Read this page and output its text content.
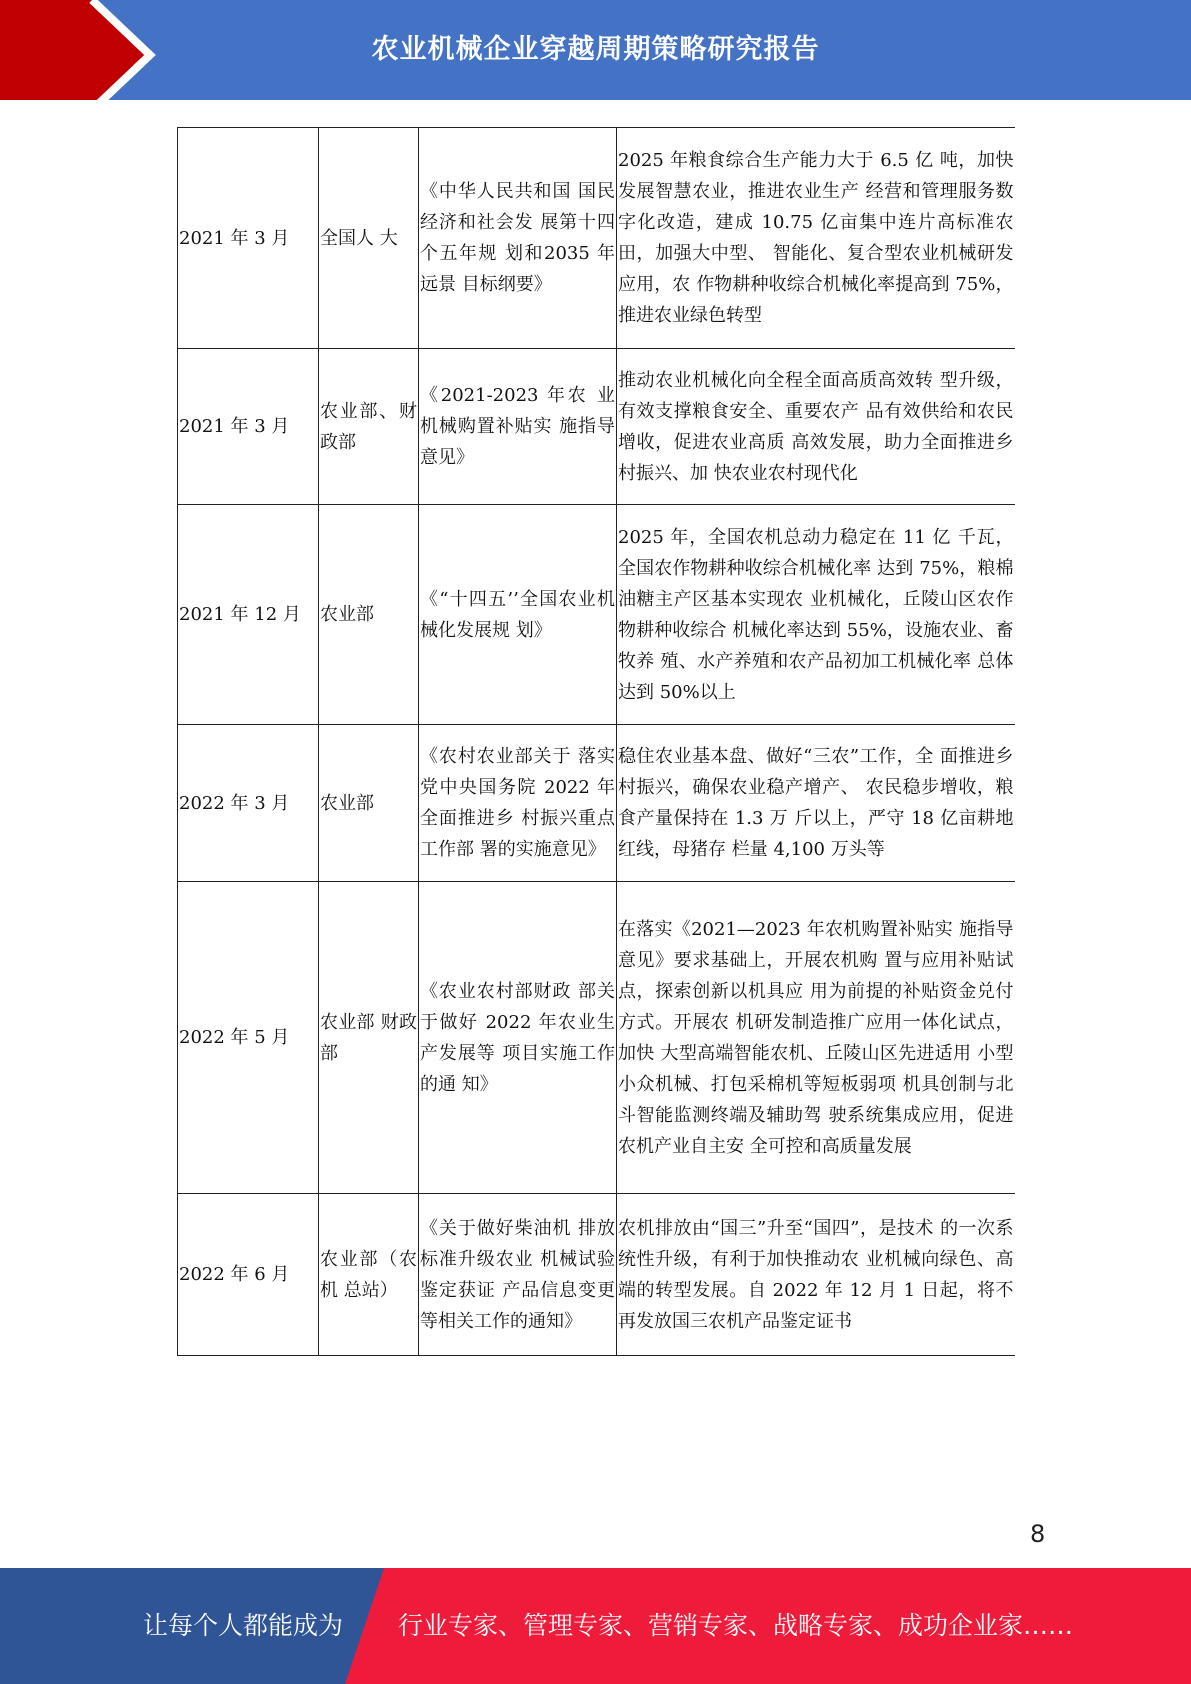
农业机械企业穿越周期策略研究报告
2021 年 3 月	全国人 大	《中华人民共和国 国民经济和社会发 展第十四个五年规 划和2035 年远景 目标纲要》	2025 年粮食综合生产能力大于 6.5 亿 吨，加快发展智慧农业，推进农业生产 经营和管理服务数字化改造，建成 10.75 亿亩集中连片高标准农田，加强大中型、 智能化、复合型农业机械研发应用，农 作物耕种收综合机械化率提高到 75%， 推进农业绿色转型
2021 年 3 月	农业部、财政部	《2021-2023 年农 业机械购置补贴实 施指导意见》	推动农业机械化向全程全面高质高效转 型升级，有效支撑粮食安全、重要农产 品有效供给和农民增收，促进农业高质 高效发展，助力全面推进乡村振兴、加 快农业农村现代化
2021 年 12 月	农业部	《“十四五’’全国农业机械化发展规 划》	2025 年，全国农机总动力稳定在 11 亿 千瓦，全国农作物耕种收综合机械化率 达到 75%，粮棉油糖主产区基本实现农 业机械化，丘陵山区农作物耕种收综合 机械化率达到 55%，设施农业、畜牧养 殖、水产养殖和农产品初加工机械化率 总体达到 50%以上
2022 年 3 月	农业部	《农村农业部关于 落实党中央国务院 2022 年全面推进乡 村振兴重点工作部 署的实施意见》	稳住农业基本盘、做好“三农”工作，全 面推进乡村振兴，确保农业稳产增产、 农民稳步增收，粮食产量保持在 1.3 万 斤以上，严守 18 亿亩耕地红线，母猪存 栏量 4,100 万头等
2022 年 5 月	农业部 财政部	《农业农村部财政 部关于做好 2022 年农业生产发展等 项目实施工作的通 知》	在落实《2021—2023 年农机购置补贴实 施指导意见》要求基础上，开展农机购 置与应用补贴试点，探索创新以机具应 用为前提的补贴资金兑付方式。开展农 机研发制造推广应用一体化试点，加快 大型高端智能农机、丘陵山区先进适用 小型小众机械、打包采棉机等短板弱项 机具创制与北斗智能监测终端及辅助驾 驶系统集成应用，促进农机产业自主安 全可控和高质量发展
2022 年 6 月	农业部（农机 总站）	《关于做好柴油机 排放标准升级农业 机械试验鉴定获证 产品信息变更等相关工作的通知》	农机排放由“国三”升至“国四”，是技术 的一次系统性升级，有利于加快推动农 业机械向绿色、高端的转型发展。自 2022 年 12 月 1 日起，将不再发放国三农机产品鉴定证书
8
让每个人都能成为 行业专家、管理专家、营销专家、战略专家、成功企业家……
